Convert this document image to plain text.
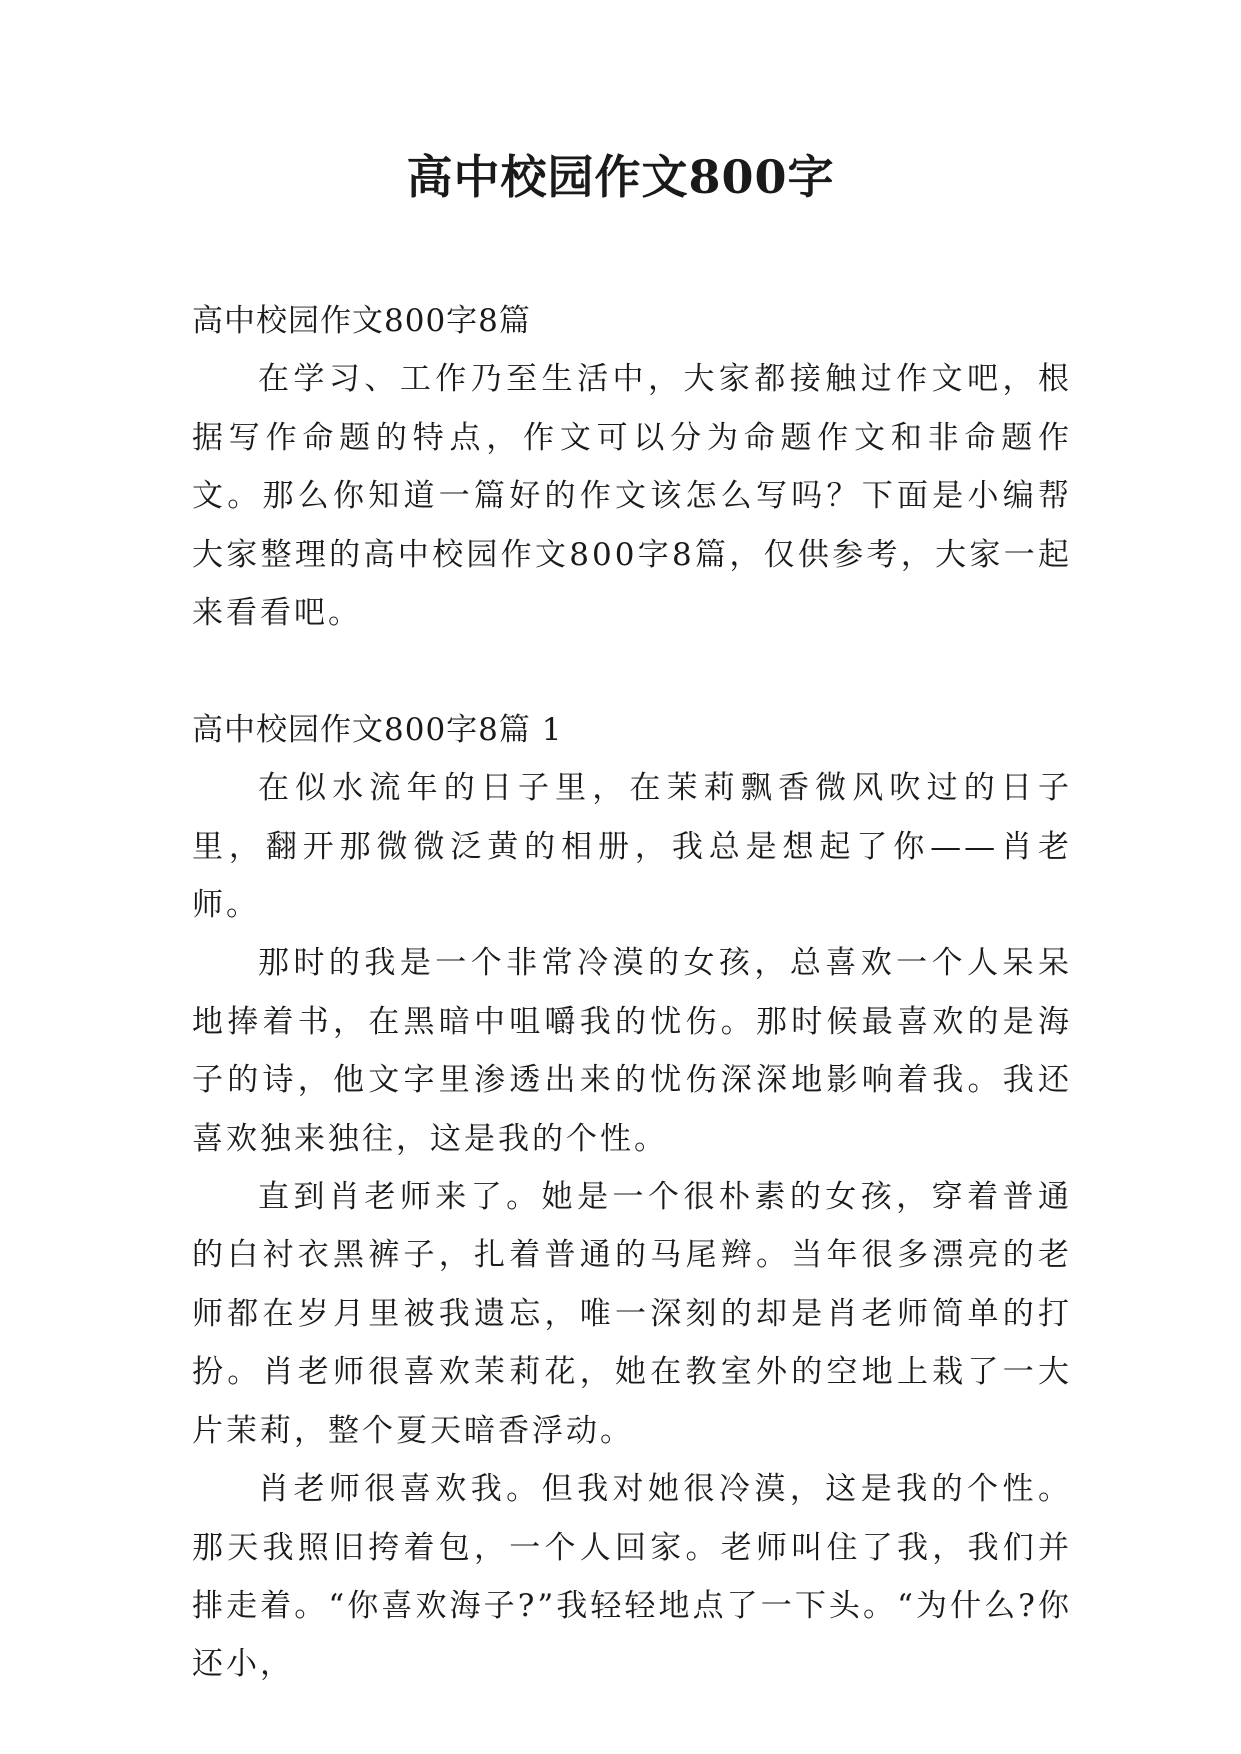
高中校园作文800字

高中校园作文800字8篇

在学习、工作乃至生活中，大家都接触过作文吧，根据写作命题的特点，作文可以分为命题作文和非命题作文。那么你知道一篇好的作文该怎么写吗？下面是小编帮大家整理的高中校园作文800字8篇，仅供参考，大家一起来看看吧。

高中校园作文800字8篇 1

在似水流年的日子里，在茉莉飘香微风吹过的日子里，翻开那微微泛黄的相册，我总是想起了你——肖老师。

那时的我是一个非常冷漠的女孩，总喜欢一个人呆呆地捧着书，在黑暗中咀嚼我的忧伤。那时候最喜欢的是海子的诗，他文字里渗透出来的忧伤深深地影响着我。我还喜欢独来独往，这是我的个性。

直到肖老师来了。她是一个很朴素的女孩，穿着普通的白衬衣黑裤子，扎着普通的马尾辫。当年很多漂亮的老师都在岁月里被我遗忘，唯一深刻的却是肖老师简单的打扮。肖老师很喜欢茉莉花，她在教室外的空地上栽了一大片茉莉，整个夏天暗香浮动。

肖老师很喜欢我。但我对她很冷漠，这是我的个性。那天我照旧挎着包，一个人回家。老师叫住了我，我们并排走着。“你喜欢海子?”我轻轻地点了一下头。“为什么?你还小，
